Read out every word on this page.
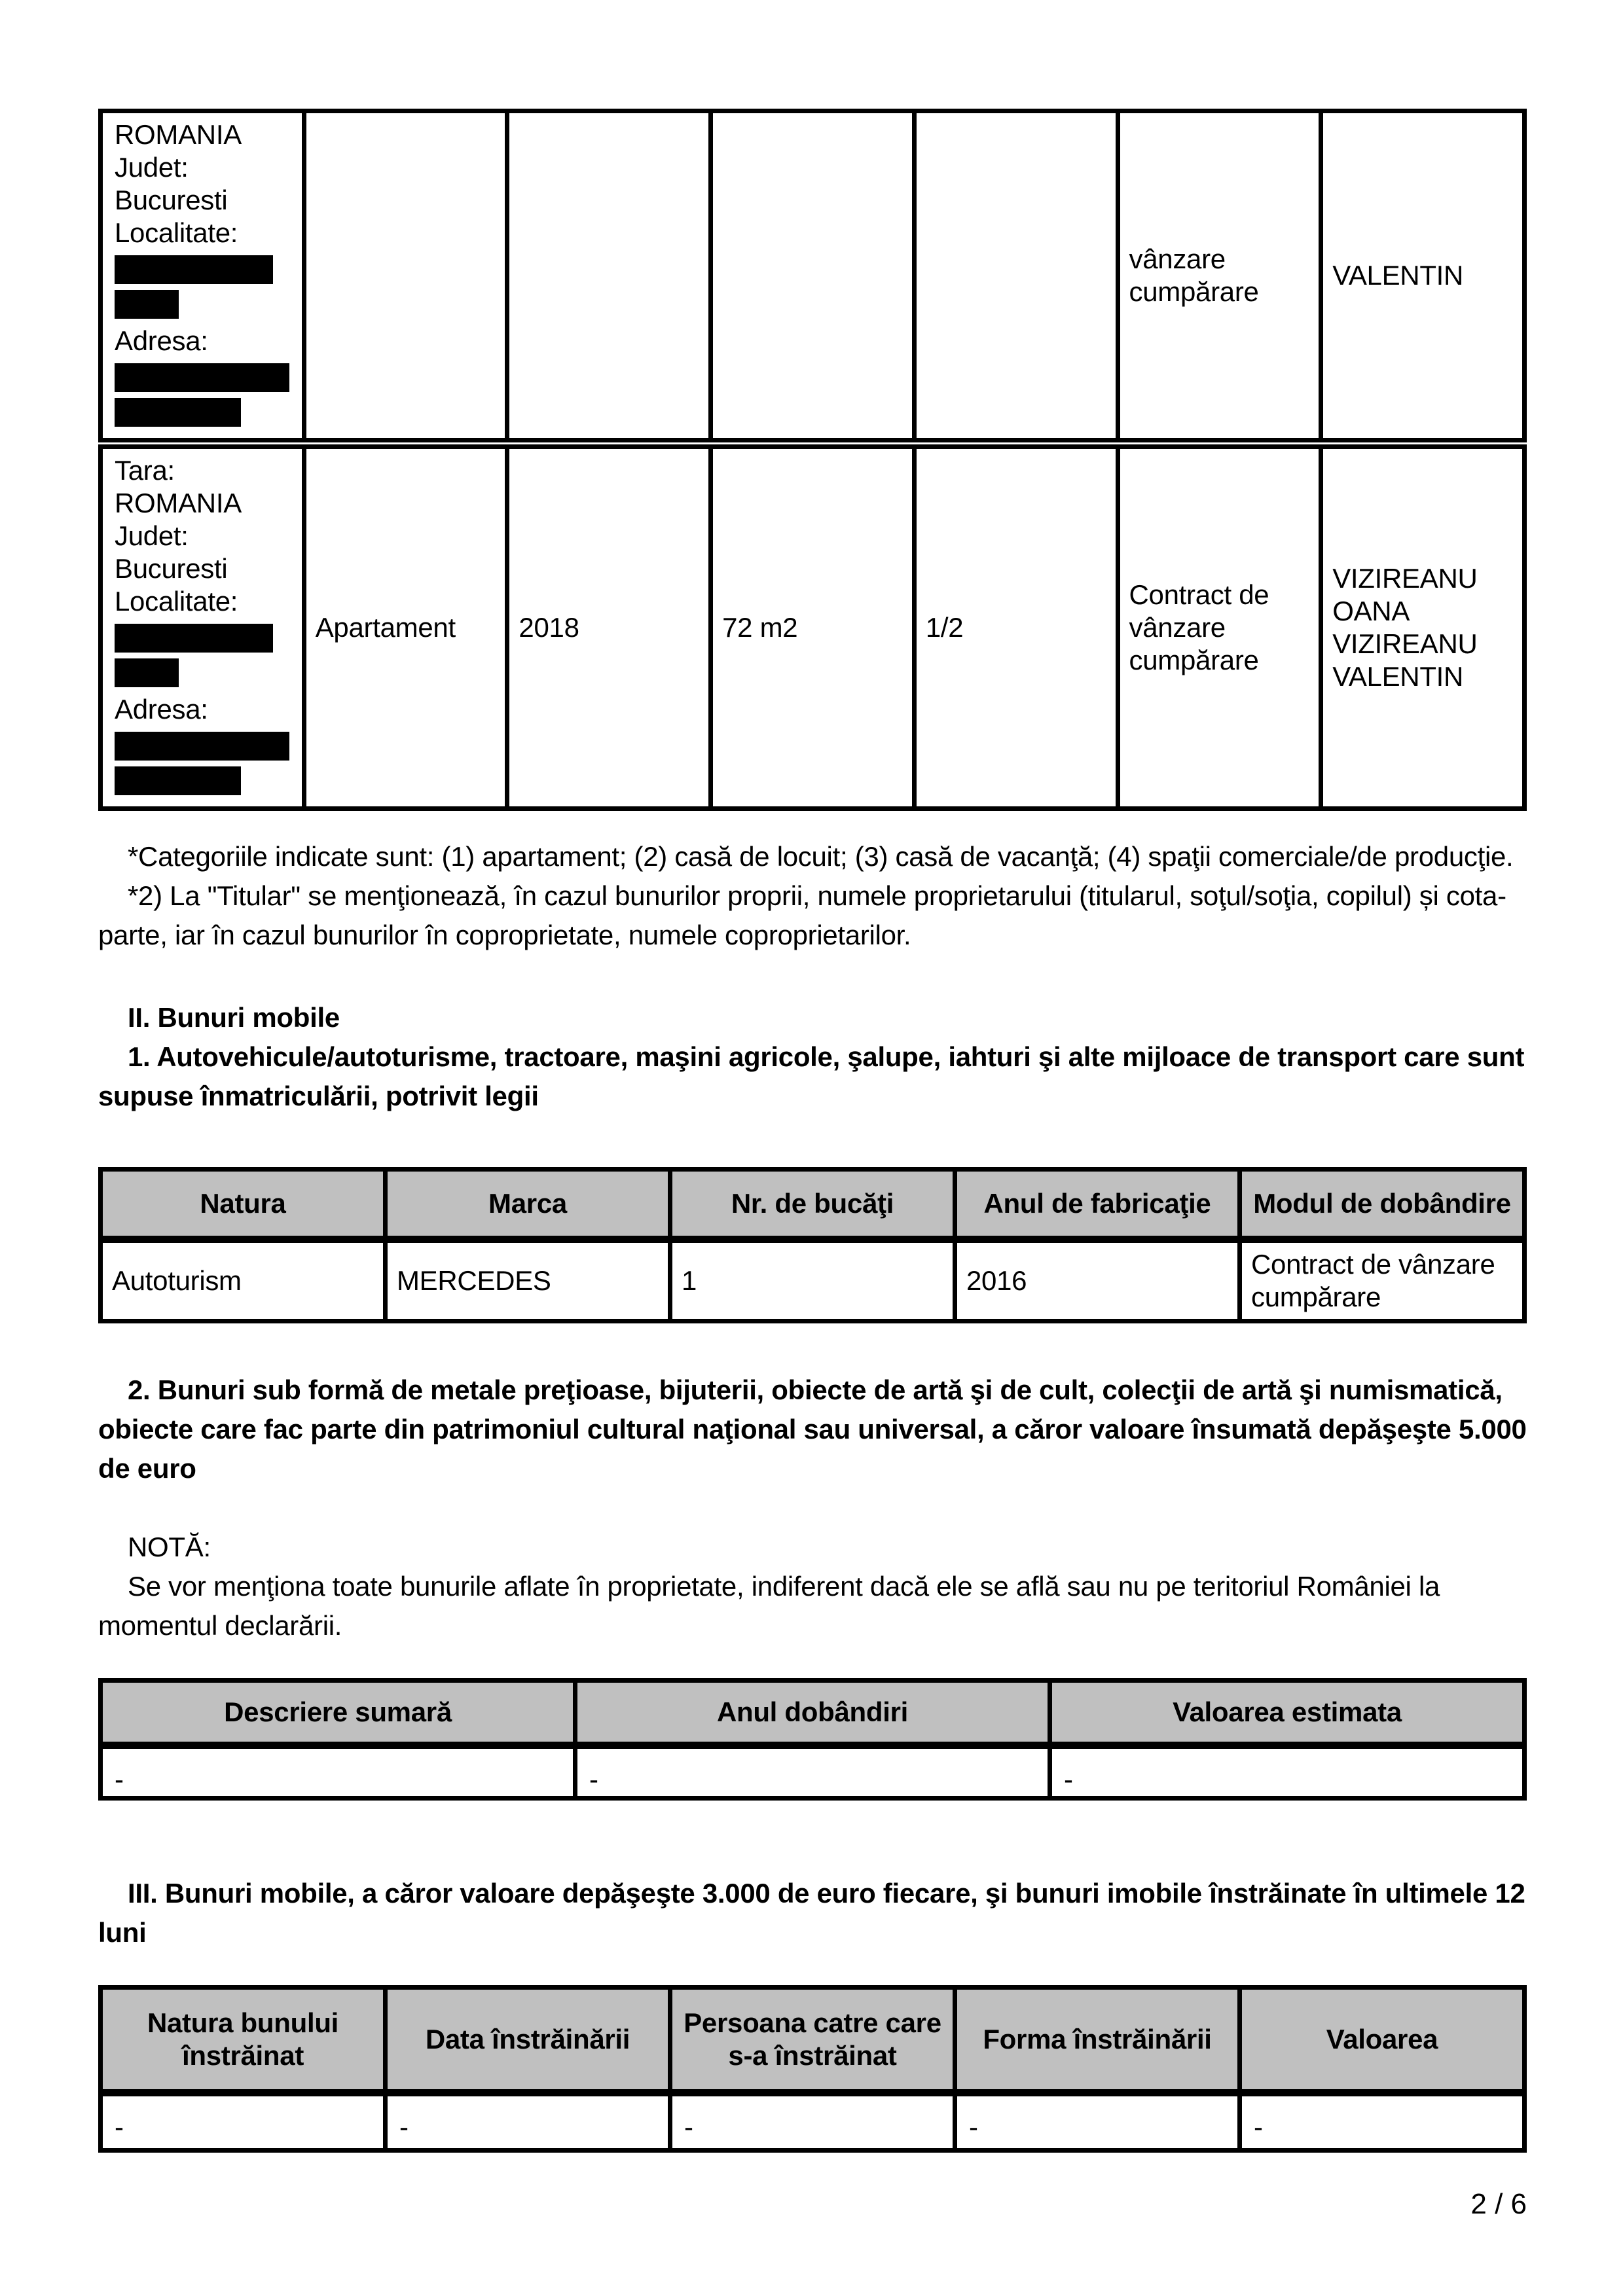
ROMANIA
Judet:
Bucuresti
Localitate:
Adresa:
					vânzare cumpărare	VALENTIN
Tara:
ROMANIA
Judet:
Bucuresti
Localitate:
Adresa:
	Apartament	2018	72 m2	1/2	Contract de vânzare cumpărare	VIZIREANU OANA VIZIREANU VALENTIN

*Categoriile indicate sunt: (1) apartament; (2) casă de locuit; (3) casă de vacanţă; (4) spaţii comerciale/de producţie.

*2) La "Titular" se menţionează, în cazul bunurilor proprii, numele proprietarului (titularul, soţul/soţia, copilul) și cota-parte, iar în cazul bunurilor în coproprietate, numele coproprietarilor.

II. Bunuri mobile

1. Autovehicule/autoturisme, tractoare, maşini agricole, şalupe, iahturi şi alte mijloace de transport care sunt supuse înmatriculării, potrivit legii

Natura	Marca	Nr. de bucăţi	Anul de fabricaţie	Modul de dobândire
Autoturism	MERCEDES	1	2016	Contract de vânzare cumpărare

2. Bunuri sub formă de metale preţioase, bijuterii, obiecte de artă şi de cult, colecţii de artă şi numismatică, obiecte care fac parte din patrimoniul cultural naţional sau universal, a căror valoare însumată depăşeşte 5.000 de euro

NOTĂ:

Se vor menţiona toate bunurile aflate în proprietate, indiferent dacă ele se află sau nu pe teritoriul României la momentul declarării.

Descriere sumară	Anul dobândiri	Valoarea estimata
-	-	-

III. Bunuri mobile, a căror valoare depăşeşte 3.000 de euro fiecare, şi bunuri imobile înstrăinate în ultimele 12 luni

Natura bunului înstrăinat	Data înstrăinării	Persoana catre care s-a înstrăinat	Forma înstrăinării	Valoarea
-	-	-	-	-
2 / 6
